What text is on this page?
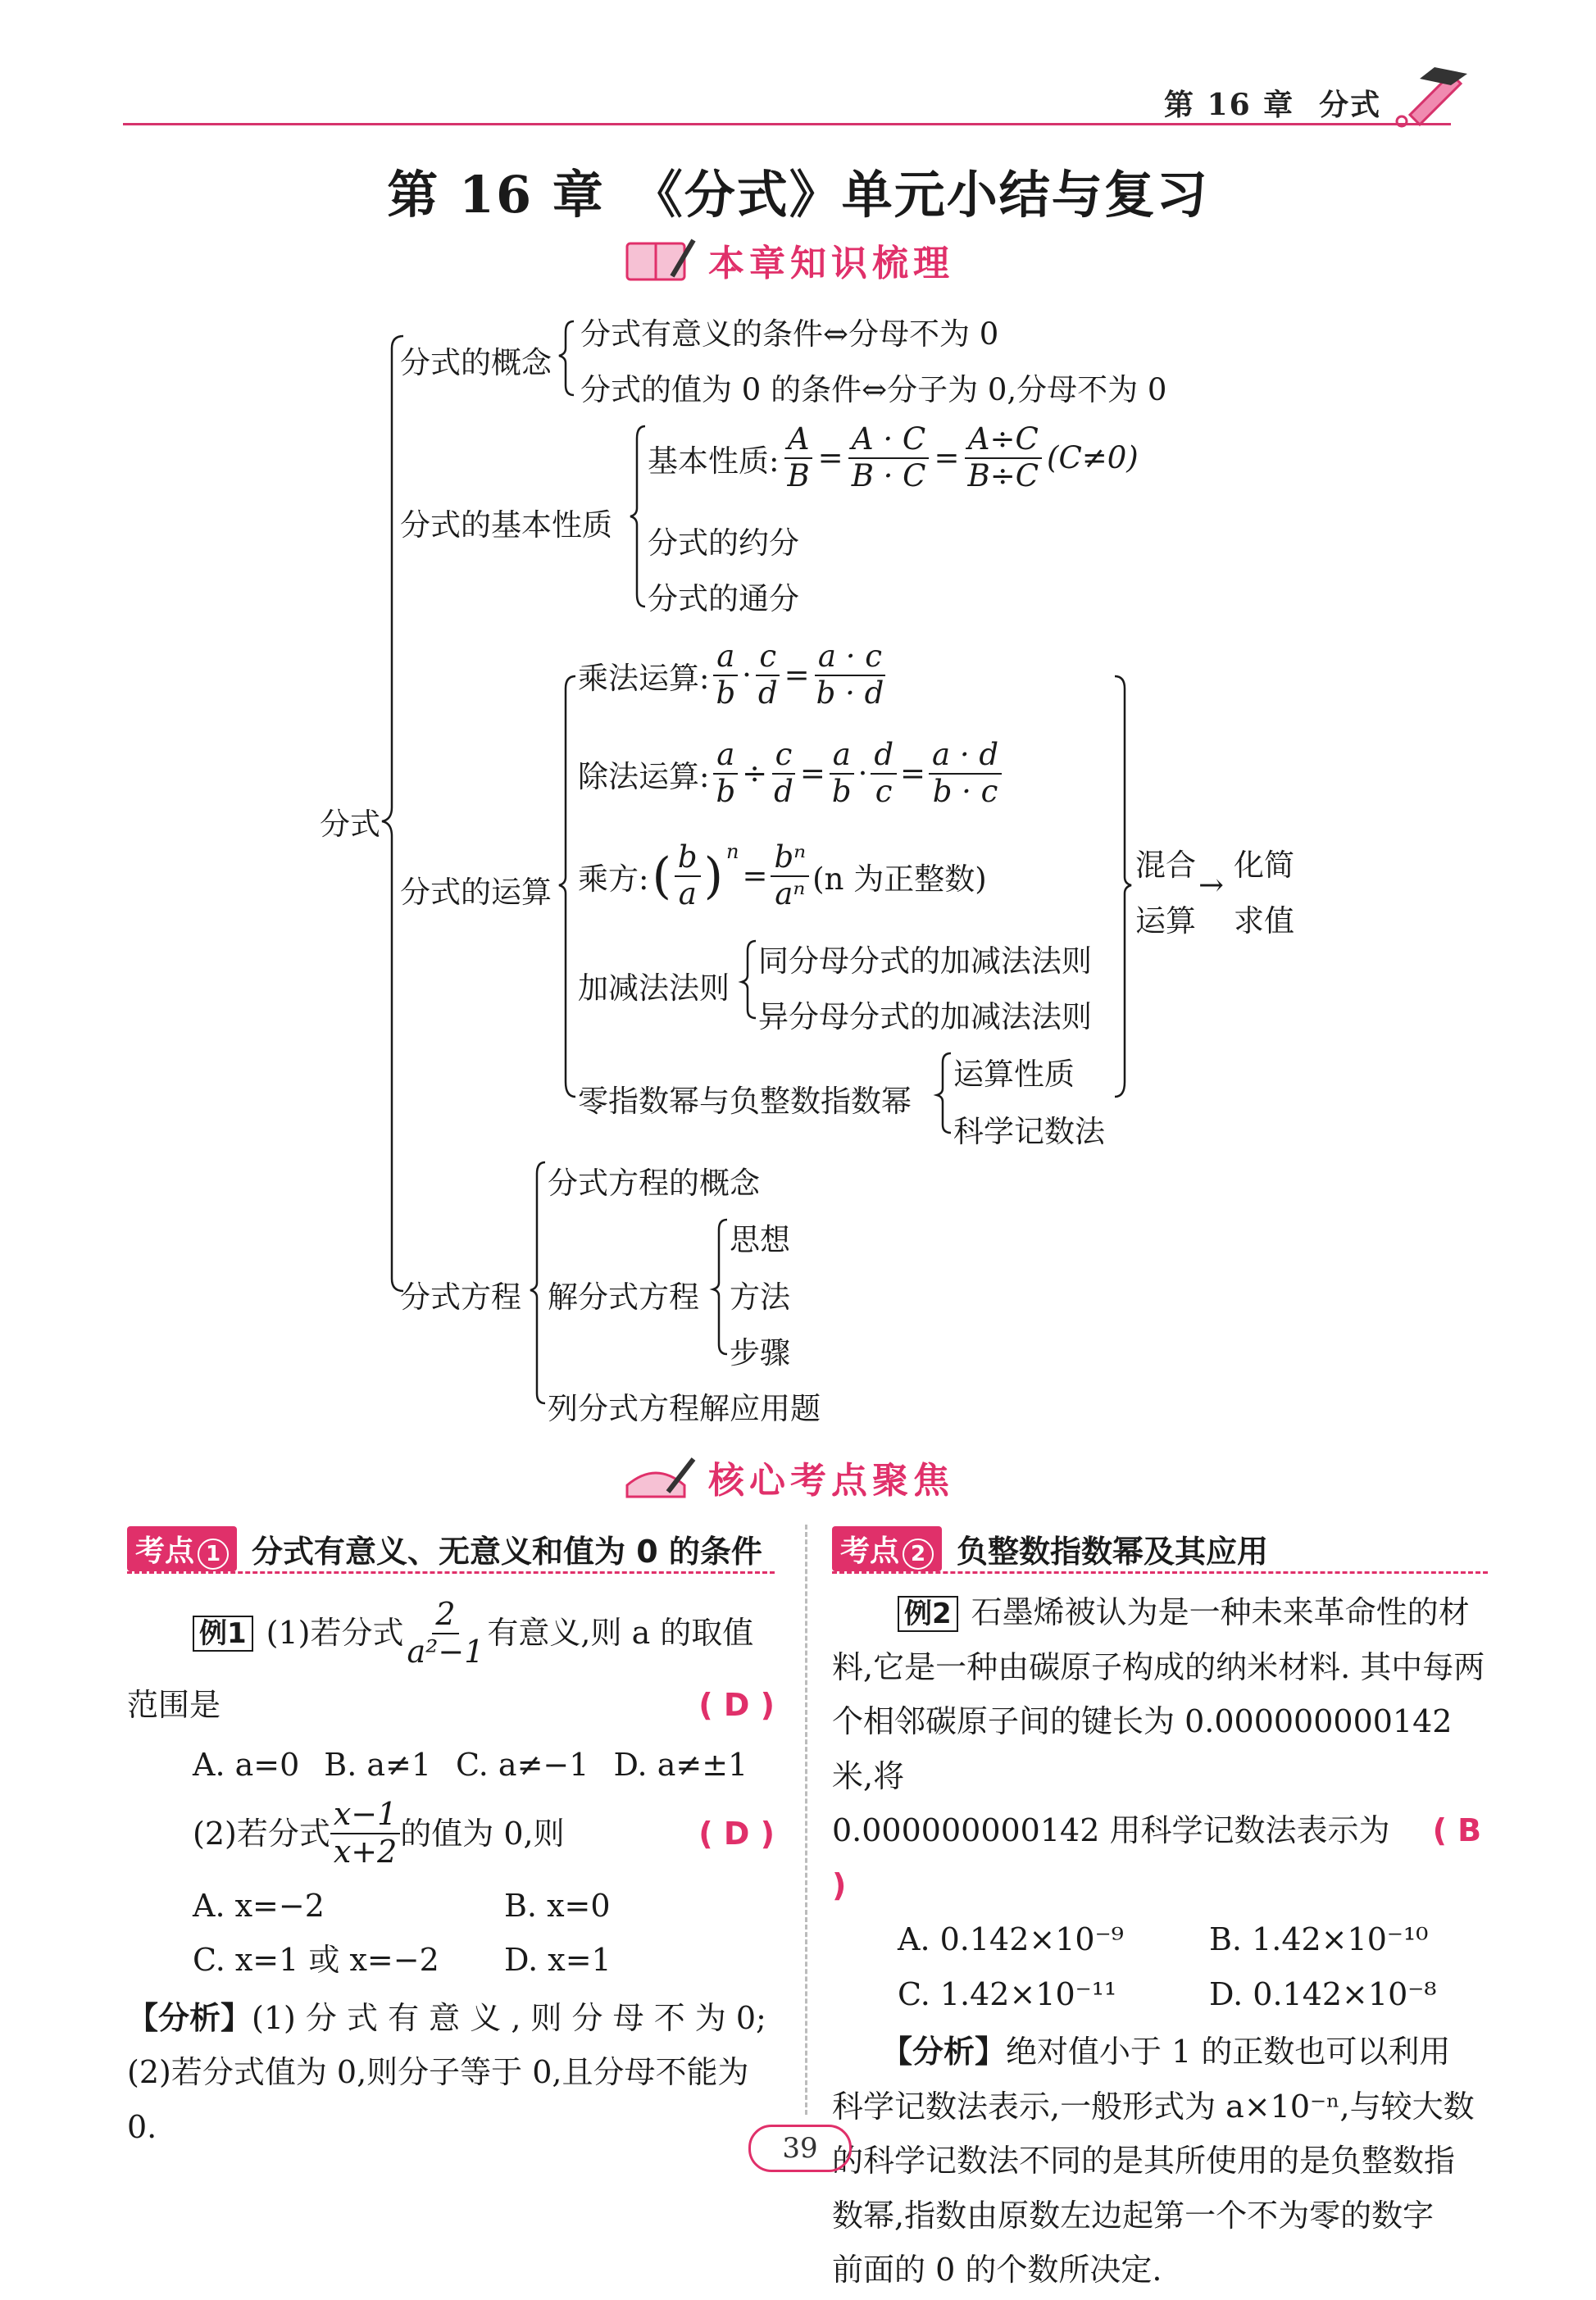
第 16 章 分式
第 16 章　《分式》单元小结与复习
本章知识梳理
分式
分式的概念
分式有意义的条件⇔分母不为 0
分式的值为 0 的条件⇔分子为 0,分母不为 0
分式的基本性质
基本性质: $\frac{A}{B} = \frac{A \cdot C}{B \cdot C} = \frac{A\div C}{B\div C} (C\ne 0)$
分式的约分
分式的通分
分式的运算
乘法运算: $\frac{a}{b} \cdot \frac{c}{d} = \frac{a \cdot c}{b \cdot d}$
除法运算: $\frac{a}{b} \div \frac{c}{d} = \frac{a}{b} \cdot \frac{d}{c} = \frac{a \cdot d}{b \cdot c}$
乘方: ( $\frac{b}{a} )^n$
= $\frac{\text{bⁿ}}{\text{aⁿ}} (n$ 为正整数)
加减法法则
同分母分式的加减法法则
异分母分式的加减法法则
零指数幂与负整数指数幂
运算性质
科学记数法
混合
运算
→
化简
求值
分式方程
分式方程的概念
解分式方程
思想
方法
步骤
列分式方程解应用题
核心考点聚焦
考点 1 分式有意义、无意义和值为 0 的条件
例1 (1)若分式 $\frac{2}{\text{a²−1}}$ 有意义,则 a 的取值
范围是	( D )
A. a=0 B. a≠1 C. a≠−1 D. a≠±1
(2)若分式 $\frac{x-1}{x+2}$ 的值为 0,则	( D )
A. x=−2	B. x=0
C. x=1 或 x=−2	D. x=1
【分析】(1) 分 式 有 意 义 , 则 分 母 不 为 0;
(2)若分式值为 0,则分子等于 0,且分母不能为 0.
考点 2 负整数指数幂及其应用
例2 石墨烯被认为是一种未来革命性的材
料,它是一种由碳原子构成的纳米材料. 其中每两
个相邻碳原子间的键长为 0.000000000142 米,将
0.000000000142 用科学记数法表示为 ( B )
A. 0.142×10⁻⁹	B. 1.42×10⁻¹⁰
C. 1.42×10⁻¹¹	D. 0.142×10⁻⁸
【分析】绝对值小于 1 的正数也可以利用
科学记数法表示,一般形式为 a×10⁻ⁿ,与较大数
的科学记数法不同的是其所使用的是负整数指
数幂,指数由原数左边起第一个不为零的数字
前面的 0 的个数所决定.
39
